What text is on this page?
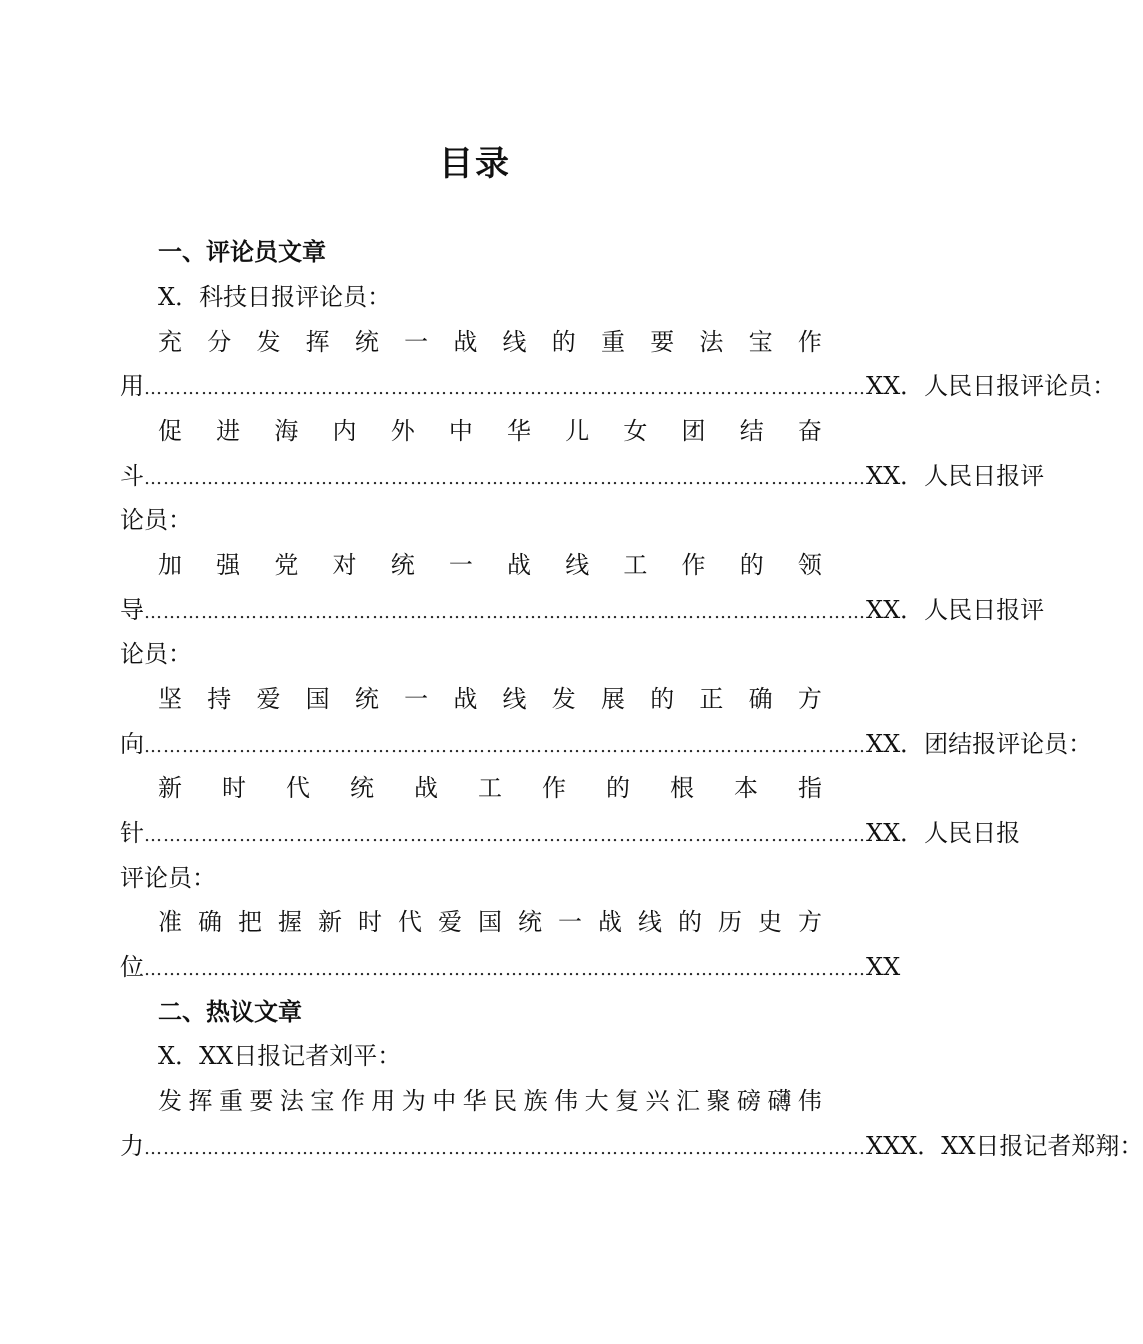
目录
一、评论员文章
X．科技日报评论员：
充 分 发 挥 统 一 战 线 的 重 要 法 宝 作
用 …………………………………………………………………………………………………… XX．人民日报评论员：
促 进 海 内 外 中 华 儿 女 团 结 奋
斗 …………………………………………………………………………………………………… XX．人民日报评
论员：
加 强 党 对 统 一 战 线 工 作 的 领
导 …………………………………………………………………………………………………… XX．人民日报评
论员：
坚 持 爱 国 统 一 战 线 发 展 的 正 确 方
向 …………………………………………………………………………………………………… XX．团结报评论员：
新 时 代 统 战 工 作 的 根 本 指
针 …………………………………………………………………………………………………… XX．人民日报
评论员：
准 确 把 握 新 时 代 爱 国 统 一 战 线 的 历 史 方
位 …………………………………………………………………………………………………… XX
二、热议文章
X．XX日报记者刘平：
发 挥 重 要 法 宝 作 用 为 中 华 民 族 伟 大 复 兴 汇 聚 磅 礴 伟
力 …………………………………………………………………………………………………… XXX．XX日报记者郑翔：
